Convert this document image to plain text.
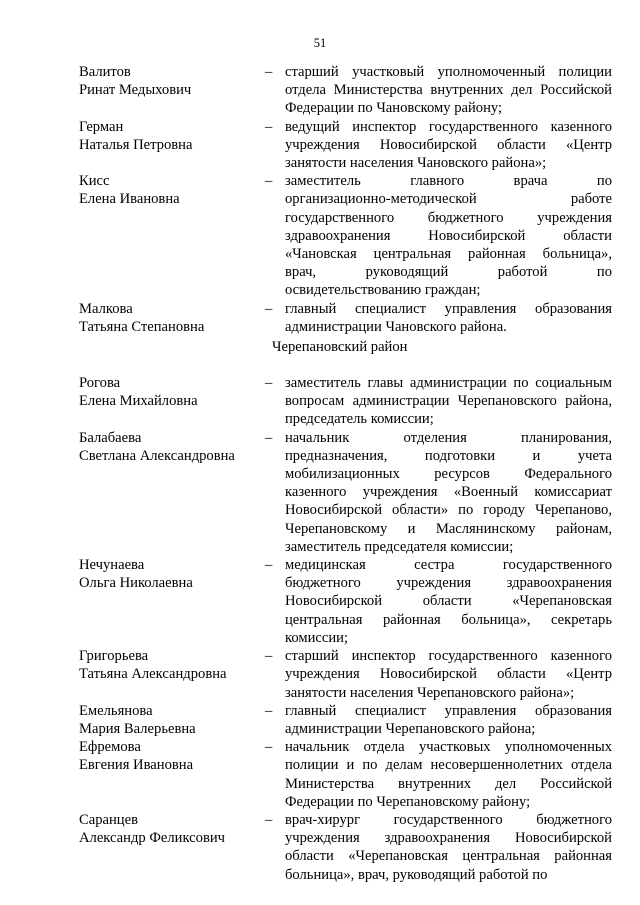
51
Валитов
Ринат Медыхович
– старший участковый уполномоченный полиции
отдела Министерства внутренних дел Российской
Федерации по Чановскому району;
Герман
Наталья Петровна
– ведущий инспектор государственного казенного
учреждения Новосибирской области «Центр
занятости населения Чановского района»;
Кисс
Елена Ивановна
– заместитель главного врача по
организационно-методической работе
государственного бюджетного учреждения
здравоохранения Новосибирской области
«Чановская центральная районная больница»,
врач, руководящий работой по
освидетельствованию граждан;
Малкова
Татьяна Степановна
– главный специалист управления образования
администрации Чановского района.
Черепановский район
Рогова
Елена Михайловна
– заместитель главы администрации по социальным
вопросам администрации Черепановского района,
председатель комиссии;
Балабаева
Светлана Александровна
– начальник отделения планирования,
предназначения, подготовки и учета
мобилизационных ресурсов Федерального
казенного учреждения «Военный комиссариат
Новосибирской области» по городу Черепаново,
Черепановскому и Маслянинскому районам,
заместитель председателя комиссии;
Нечунаева
Ольга Николаевна
– медицинская сестра государственного
бюджетного учреждения здравоохранения
Новосибирской области «Черепановская
центральная районная больница», секретарь
комиссии;
Григорьева
Татьяна Александровна
– старший инспектор государственного казенного
учреждения Новосибирской области «Центр
занятости населения Черепановского района»;
Емельянова
Мария Валерьевна
– главный специалист управления образования
администрации Черепановского района;
Ефремова
Евгения Ивановна
– начальник отдела участковых уполномоченных
полиции и по делам несовершеннолетних отдела
Министерства внутренних дел Российской
Федерации по Черепановскому району;
Саранцев
Александр Феликсович
– врач-хирург государственного бюджетного
учреждения здравоохранения Новосибирской
области «Черепановская центральная районная
больница», врач, руководящий работой по
